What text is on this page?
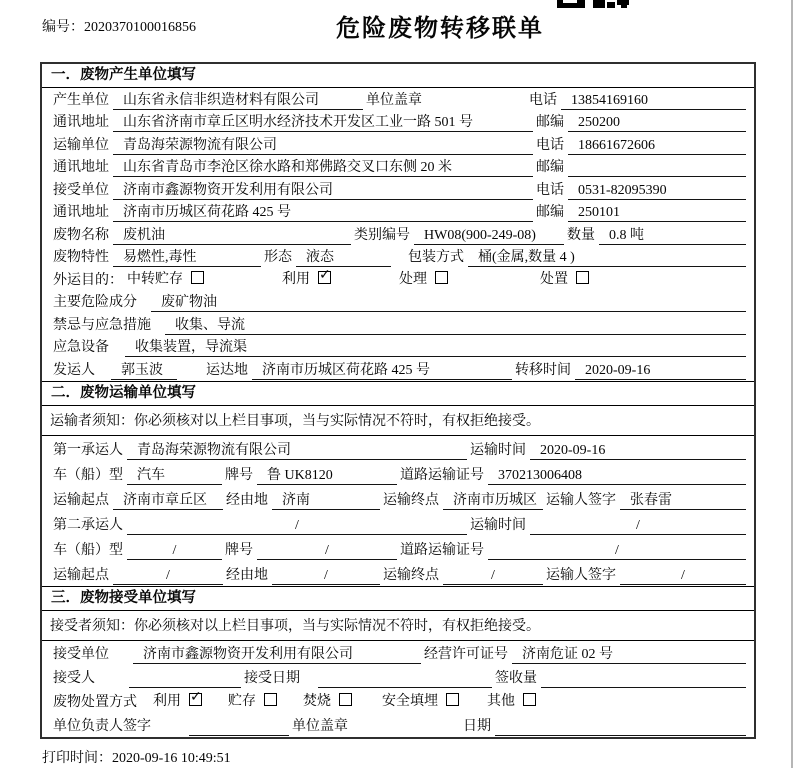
编号：2020370100016856	危险废物转移联单
一．废物产生单位填写
产生单位	山东省永信非织造材料有限公司	单位盖章	电话	13854169160
通讯地址	山东省济南市章丘区明水经济技术开发区工业一路 501 号	邮编	250200
运输单位	青岛海荣源物流有限公司	电话	18661672606
通讯地址	山东省青岛市李沧区徐水路和郑佛路交叉口东侧 20 米	邮编
接受单位	济南市鑫源物资开发利用有限公司	电话	0531-82095390
通讯地址	济南市历城区荷花路 425 号	邮编	250101
废物名称	废机油	类别编号	HW08(900-249-08)	数量	0.8 吨
废物特性	易燃性,毒性	形态	液态	包装方式	桶(金属,数量 4 )
外运目的： 中转贮存	利用 ✓	处理	处置
主要危险成分	废矿物油
禁忌与应急措施	收集、导流
应急设备	收集装置，导流渠
发运人	郭玉波	运达地	济南市历城区荷花路 425 号	转移时间	2020-09-16
二．废物运输单位填写
运输者须知：你必须核对以上栏目事项，当与实际情况不符时，有权拒绝接受。
第一承运人	青岛海荣源物流有限公司	运输时间	2020-09-16
车（船）型	汽车	牌号	鲁 UK8120	道路运输证号	370213006408
运输起点	济南市章丘区	经由地	济南	运输终点	济南市历城区 运输人签字	张春雷
第二承运人	/	运输时间	/
车（船）型	/	牌号	/	道路运输证号	/
运输起点	/	经由地	/	运输终点	/	运输人签字	/
三．废物接受单位填写
接受者须知：你必须核对以上栏目事项，当与实际情况不符时，有权拒绝接受。
接受单位	济南市鑫源物资开发利用有限公司	经营许可证号	济南危证 02 号
接受人	接受日期	签收量
废物处置方式 利用 ✓ 贮存	焚烧	安全填埋	其他
单位负责人签字	单位盖章	日期
打印时间：2020-09-16 10:49:51
